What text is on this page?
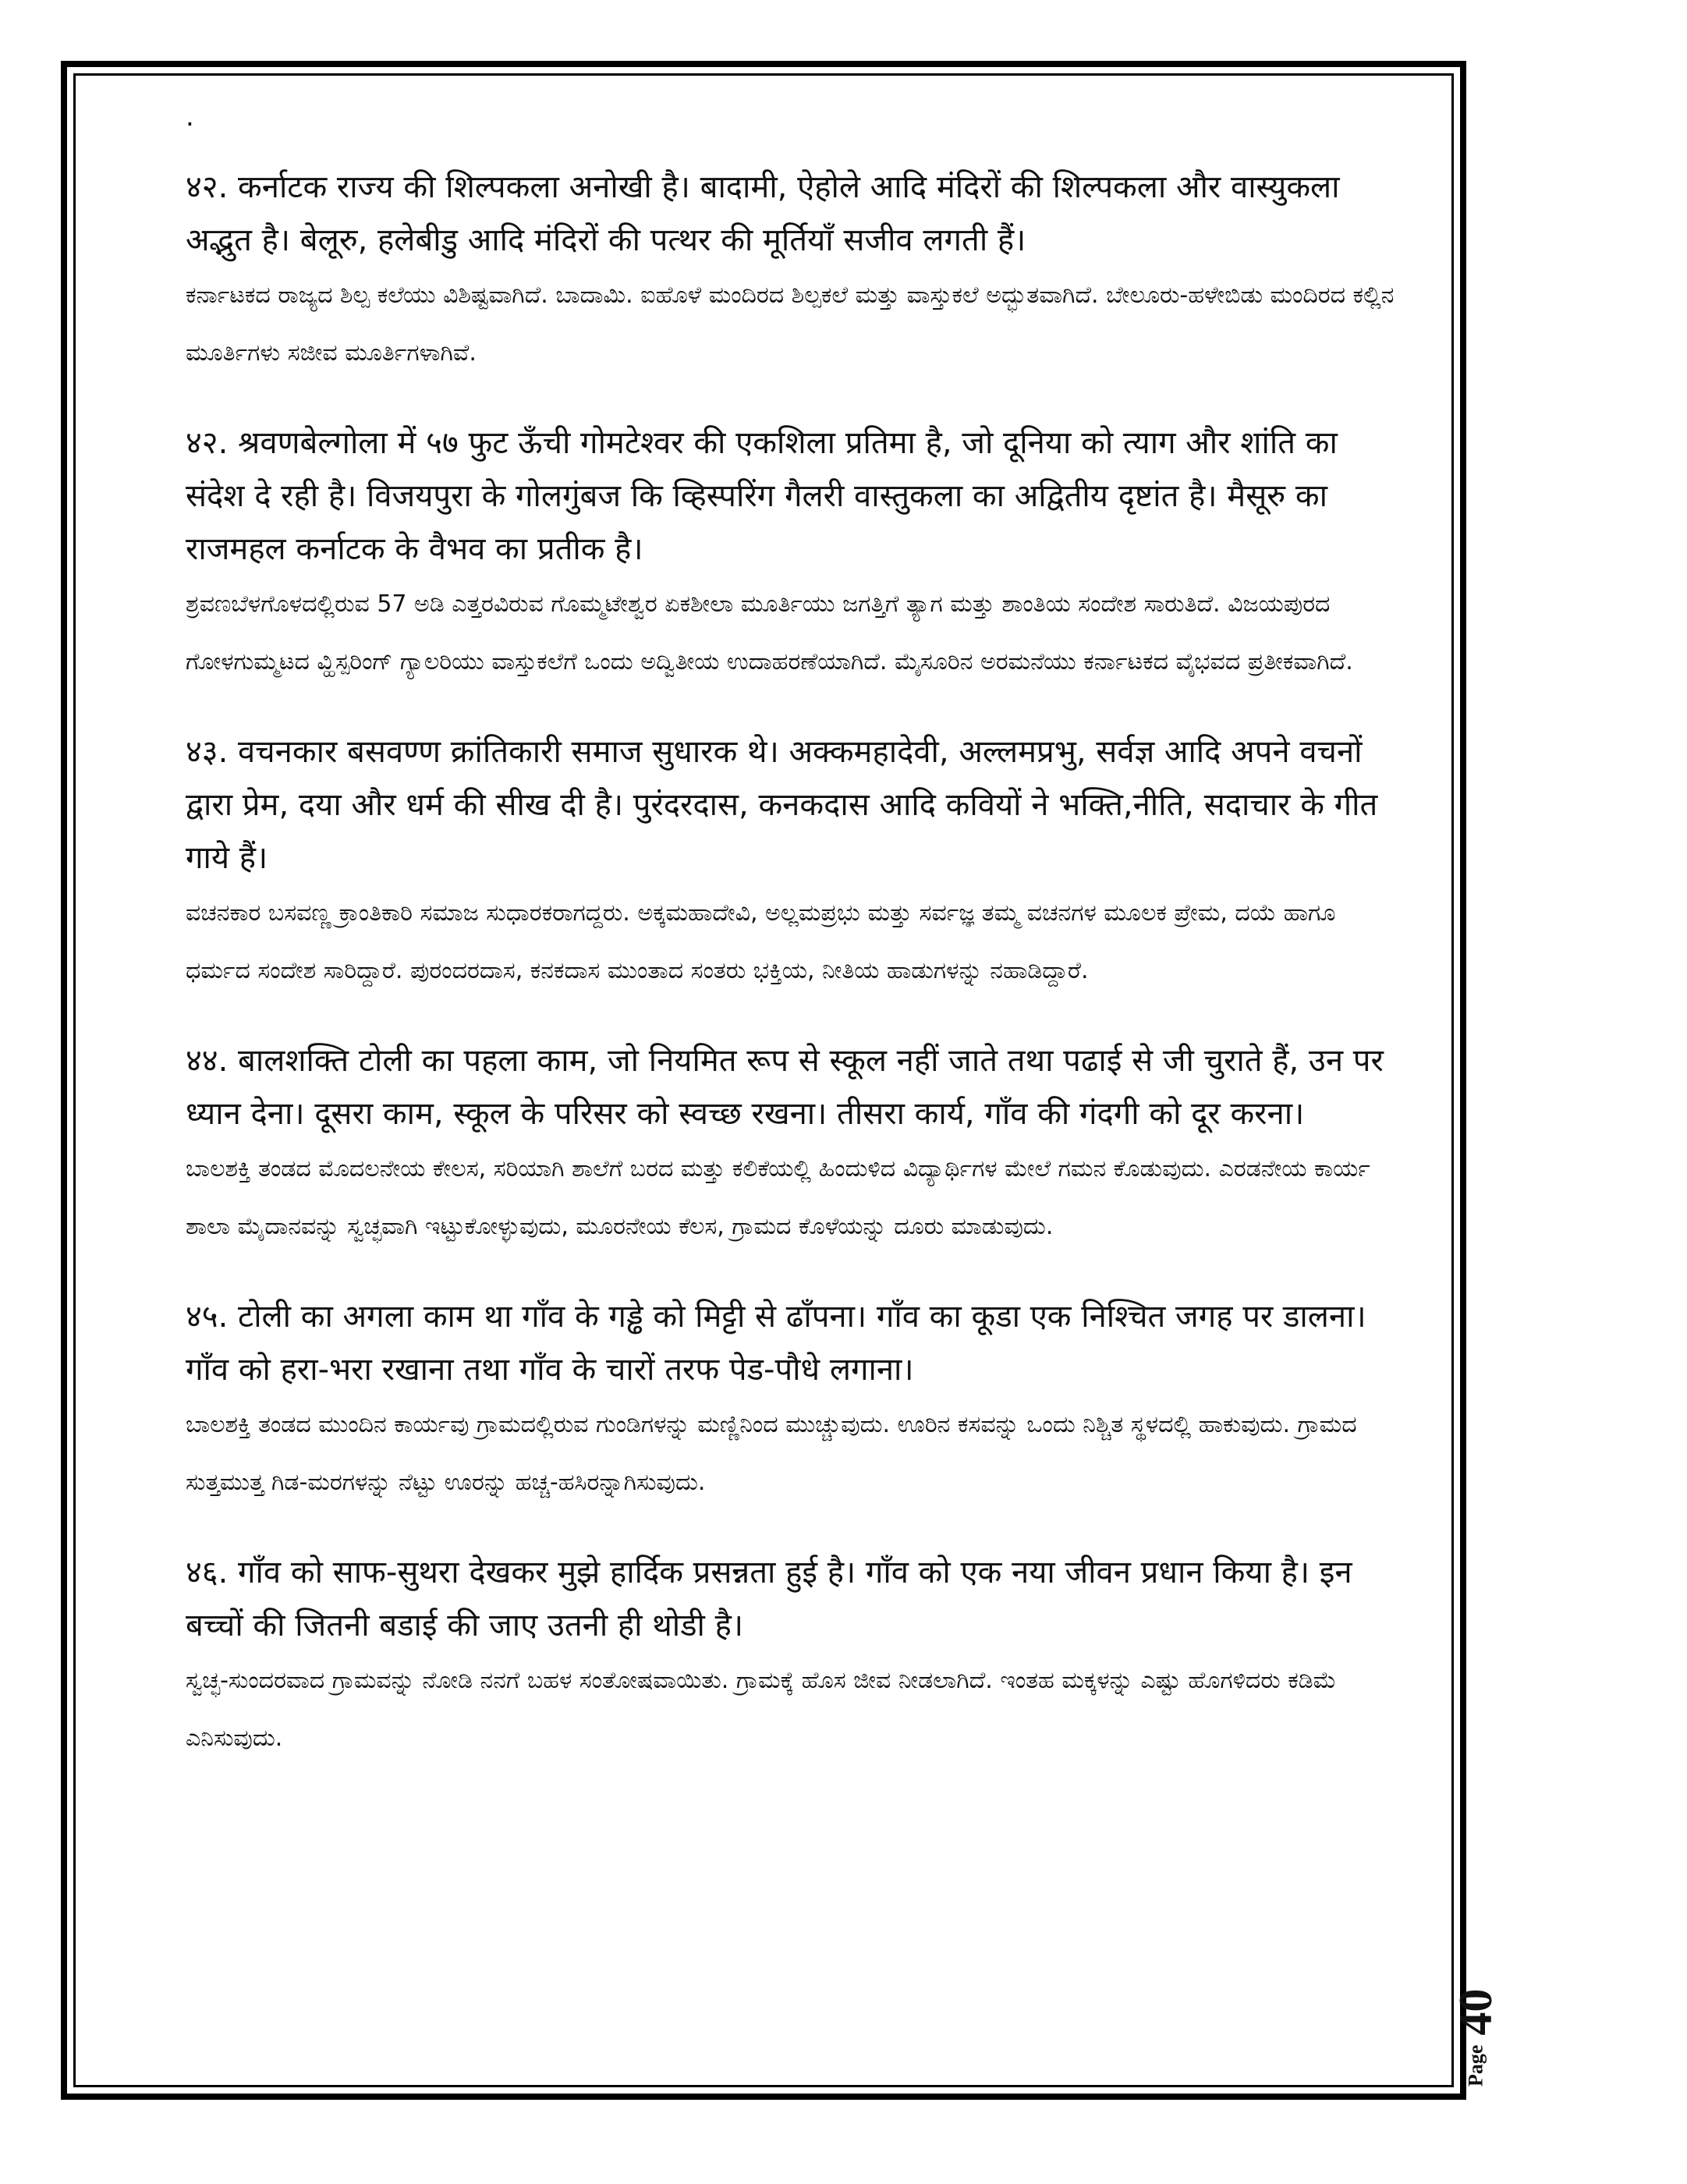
.
४२. कर्नाटक राज्य की शिल्पकला अनोखी है। बादामी, ऐहोले आदि मंदिरों की शिल्पकला और वास्युकला अद्भुत है। बेलूरु, हलेबीडु आदि मंदिरों की पत्थर की मूर्तियाँ सजीव लगती हैं।
ಕರ್ನಾಟಕದ ರಾಜ್ಯದ ಶಿಲ್ಪ ಕಲೆಯು ವಿಶಿಷ್ಟವಾಗಿದೆ. ಬಾದಾಮಿ. ಐಹೊಳೆ ಮಂದಿರದ ಶಿಲ್ಪಕಲೆ ಮತ್ತು ವಾಸ್ತುಕಲೆ ಅದ್ಭುತವಾಗಿದೆ. ಬೇಲೂರು-ಹಳೇಬಿಡು ಮಂದಿರದ ಕಲ್ಲಿನ ಮೂರ್ತಿಗಳು ಸಜೀವ ಮೂರ್ತಿಗಳಾಗಿವೆ.
४२. श्रवणबेल्गोला में ५७ फुट ऊँची गोमटेश्वर की एकशिला प्रतिमा है, जो दूनिया को त्याग और शांति का संदेश दे रही है। विजयपुरा के गोलगुंबज कि व्हिस्परिंग गैलरी वास्तुकला का अद्वितीय दृष्टांत है। मैसूरु का राजमहल कर्नाटक के वैभव का प्रतीक है।
ಶ್ರವಣಬೆಳಗೊಳದಲ್ಲಿರುವ 57 ಅಡಿ ಎತ್ತರವಿರುವ ಗೊಮ್ಮಟೇಶ್ವರ ಏಕಶೀಲಾ ಮೂರ್ತಿಯು ಜಗತ್ತಿಗೆ ತ್ಯಾಗ ಮತ್ತು ಶಾಂತಿಯ ಸಂದೇಶ ಸಾರುತಿದೆ. ವಿಜಯಪುರದ ಗೋಳಗುಮ್ಮಟದ ವ್ಹಿಸ್ಪರಿಂಗ್ ಗ್ಯಾಲರಿಯು ವಾಸ್ತುಕಲೆಗೆ ಒಂದು ಅದ್ವಿತೀಯ ಉದಾಹರಣೆಯಾಗಿದೆ. ಮೈಸೂರಿನ ಅರಮನೆಯು ಕರ್ನಾಟಕದ ವೈಭವದ ಪ್ರತೀಕವಾಗಿದೆ.
४३. वचनकार बसवण्ण क्रांतिकारी समाज सुधारक थे। अक्कमहादेवी, अल्लमप्रभु, सर्वज्ञ आदि अपने वचनों द्वारा प्रेम, दया और धर्म की सीख दी है। पुरंदरदास, कनकदास आदि कवियों ने भक्ति,नीति, सदाचार के गीत गाये हैं।
ವಚನಕಾರ ಬಸವಣ್ಣ ಕ್ರಾಂತಿಕಾರಿ ಸಮಾಜ ಸುಧಾರಕರಾಗದ್ದರು. ಅಕ್ಕಮಹಾದೇವಿ, ಅಲ್ಲಮಪ್ರಭು ಮತ್ತು ಸರ್ವಜ್ಞ ತಮ್ಮ ವಚನಗಳ ಮೂಲಕ ಪ್ರೇಮ, ದಯೆ ಹಾಗೂ ಧರ್ಮದ ಸಂದೇಶ ಸಾರಿದ್ದಾರೆ. ಪುರಂದರದಾಸ, ಕನಕದಾಸ ಮುಂತಾದ ಸಂತರು ಭಕ್ತಿಯ, ನೀತಿಯ ಹಾಡುಗಳನ್ನು ನಹಾಡಿದ್ದಾರೆ.
४४. बालशक्ति टोली का पहला काम, जो नियमित रूप से स्कूल नहीं जाते तथा पढाई से जी चुराते हैं, उन पर ध्यान देना। दूसरा काम, स्कूल के परिसर को स्वच्छ रखना। तीसरा कार्य, गाँव की गंदगी को दूर करना।
ಬಾಲಶಕ್ತಿ ತಂಡದ ಮೊದಲನೇಯ ಕೇಲಸ, ಸರಿಯಾಗಿ ಶಾಲೆಗೆ ಬರದ ಮತ್ತು ಕಲಿಕೆಯಲ್ಲಿ ಹಿಂದುಳಿದ ವಿದ್ಯಾರ್ಥಿಗಳ ಮೇಲೆ ಗಮನ ಕೊಡುವುದು. ಎರಡನೇಯ ಕಾರ್ಯ ಶಾಲಾ ಮೈದಾನವನ್ನು ಸ್ವಚ್ಛವಾಗಿ ಇಟ್ಟುಕೋಳ್ಳುವುದು, ಮೂರನೇಯ ಕೆಲಸ, ಗ್ರಾಮದ ಕೊಳೆಯನ್ನು ದೂರು ಮಾಡುವುದು.
४५. टोली का अगला काम था गाँव के गड्ढे को मिट्टी से ढाँपना। गाँव का कूडा एक निश्चित जगह पर डालना। गाँव को हरा-भरा रखाना तथा गाँव के चारों तरफ पेड-पौधे लगाना।
ಬಾಲಶಕ್ತಿ ತಂಡದ ಮುಂದಿನ ಕಾರ್ಯವು ಗ್ರಾಮದಲ್ಲಿರುವ ಗುಂಡಿಗಳನ್ನು ಮಣ್ಣಿನಿಂದ ಮುಚ್ಚುವುದು. ಊರಿನ ಕಸವನ್ನು ಒಂದು ನಿಶ್ಚಿತ ಸ್ಥಳದಲ್ಲಿ ಹಾಕುವುದು. ಗ್ರಾಮದ ಸುತ್ತಮುತ್ತ ಗಿಡ-ಮರಗಳನ್ನು ನೆಟ್ಟು ಊರನ್ನು ಹಚ್ಚ-ಹಸಿರನ್ನಾಗಿಸುವುದು.
४६. गाँव को साफ-सुथरा देखकर मुझे हार्दिक प्रसन्नता हुई है। गाँव को एक नया जीवन प्रधान किया है। इन बच्चों की जितनी बडाई की जाए उतनी ही थोडी है।
ಸ್ವಚ್ಛ-ಸುಂದರವಾದ ಗ್ರಾಮವನ್ನು ನೋಡಿ ನನಗೆ ಬಹಳ ಸಂತೋಷವಾಯಿತು. ಗ್ರಾಮಕ್ಕೆ ಹೊಸ ಜೀವ ನೀಡಲಾಗಿದೆ. ಇಂತಹ ಮಕ್ಕಳನ್ನು ಎಷ್ಟು ಹೊಗಳಿದರು ಕಡಿಮೆ ಎನಿಸುವುದು.
Page40
